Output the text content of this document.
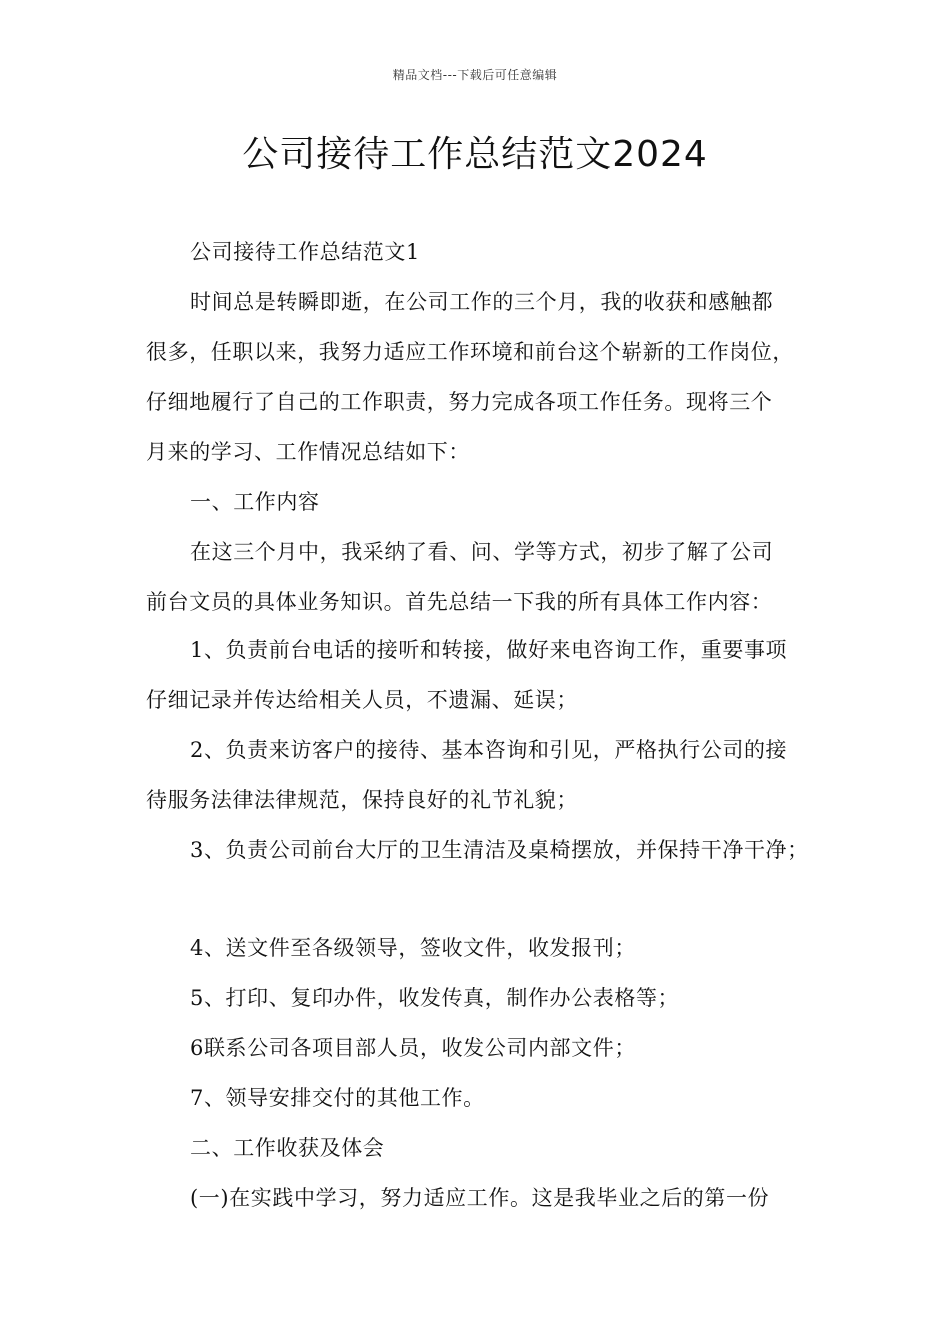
精品文档---下载后可任意编辑
公司接待工作总结范文2024
公司接待工作总结范文1
时间总是转瞬即逝，在公司工作的三个月，我的收获和感触都
很多，任职以来，我努力适应工作环境和前台这个崭新的工作岗位，
仔细地履行了自己的工作职责，努力完成各项工作任务。现将三个
月来的学习、工作情况总结如下：
一、工作内容
在这三个月中，我采纳了看、问、学等方式，初步了解了公司
前台文员的具体业务知识。首先总结一下我的所有具体工作内容：
1、负责前台电话的接听和转接，做好来电咨询工作，重要事项
仔细记录并传达给相关人员，不遗漏、延误；
2、负责来访客户的接待、基本咨询和引见，严格执行公司的接
待服务法律法律规范，保持良好的礼节礼貌；
3、负责公司前台大厅的卫生清洁及桌椅摆放，并保持干净干净；
4、送文件至各级领导，签收文件，收发报刊；
5、打印、复印办件，收发传真，制作办公表格等；
6联系公司各项目部人员，收发公司内部文件；
7、领导安排交付的其他工作。
二、工作收获及体会
(一)在实践中学习，努力适应工作。这是我毕业之后的第一份
